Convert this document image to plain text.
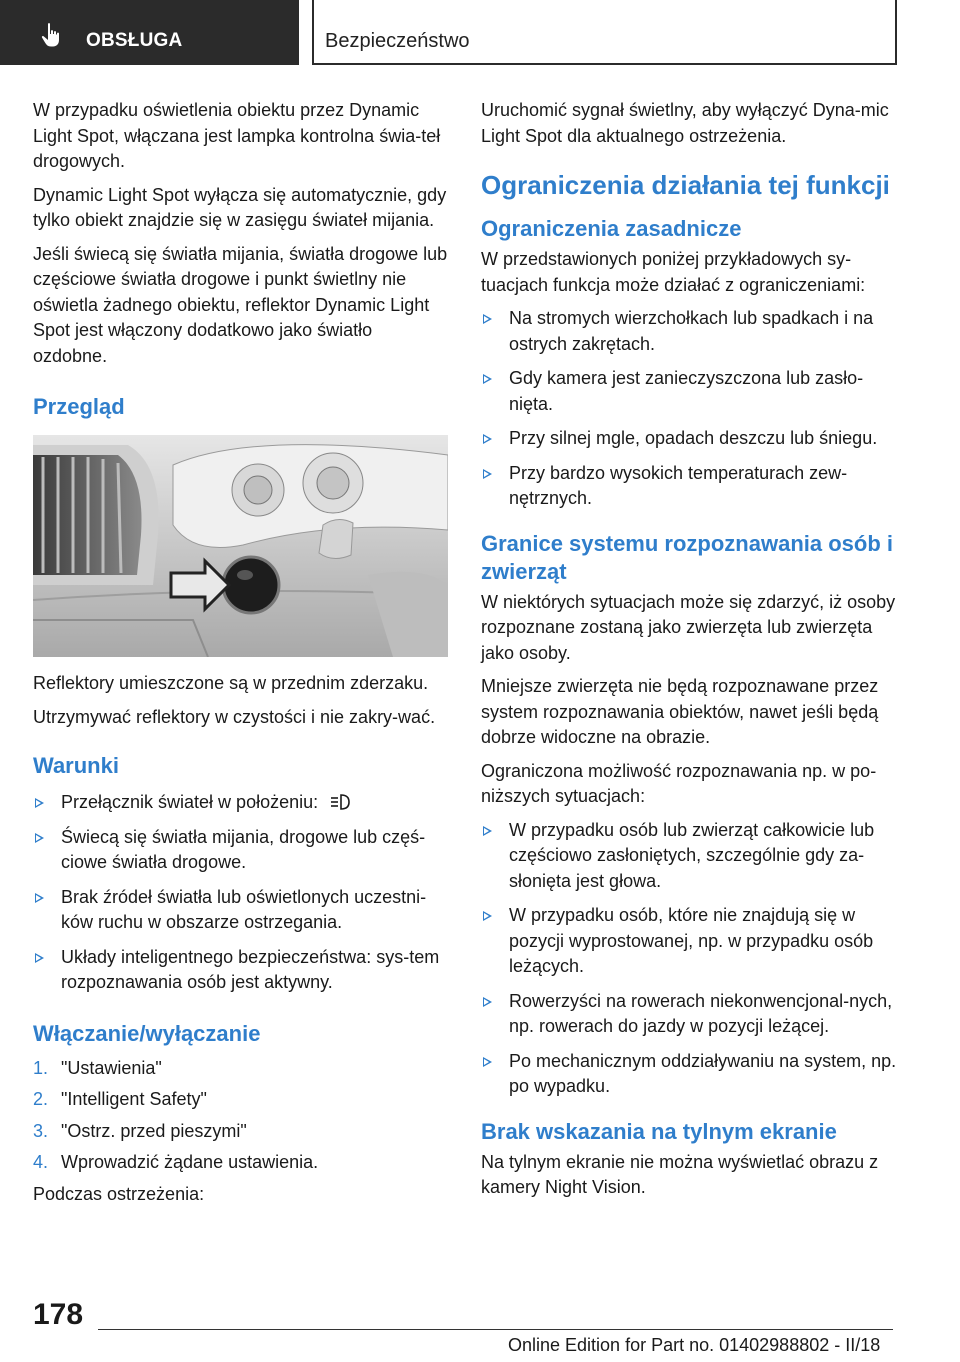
OBSŁUGA	Bezpieczeństwo

W przypadku oświetlenia obiektu przez Dynamic Light Spot, włączana jest lampka kontrolna świa-teł drogowych.

Dynamic Light Spot wyłącza się automatycznie, gdy tylko obiekt znajdzie się w zasięgu świateł mijania.

Jeśli świecą się światła mijania, światła drogowe lub częściowe światła drogowe i punkt świetlny nie oświetla żadnego obiektu, reflektor Dynamic Light Spot jest włączony dodatkowo jako światło ozdobne.

Przegląd

Reflektory umieszczone są w przednim zderzaku.

Utrzymywać reflektory w czystości i nie zakry-wać.

Warunki
Przełącznik świateł w położeniu:
Świecą się światła mijania, drogowe lub częś-ciowe światła drogowe.
Brak źródeł światła lub oświetlonych uczestni-ków ruchu w obszarze ostrzegania.
Układy inteligentnego bezpieczeństwa: sys-tem rozpoznawania osób jest aktywny.
Włączanie/wyłączanie
1. "Ustawienia"
2. "Intelligent Safety"
3. "Ostrz. przed pieszymi"
4. Wprowadzić żądane ustawienia.

Podczas ostrzeżenia:

Uruchomić sygnał świetlny, aby wyłączyć Dyna-mic Light Spot dla aktualnego ostrzeżenia.

Ograniczenia działania tej funkcji
Ograniczenia zasadnicze

W przedstawionych poniżej przykładowych sy-tuacjach funkcja może działać z ograniczeniami:

Na stromych wierzchołkach lub spadkach i na ostrych zakrętach.
Gdy kamera jest zanieczyszczona lub zasło-nięta.
Przy silnej mgle, opadach deszczu lub śniegu.
Przy bardzo wysokich temperaturach zew-nętrznych.
Granice systemu rozpoznawania osób i zwierząt

W niektórych sytuacjach może się zdarzyć, iż osoby rozpoznane zostaną jako zwierzęta lub zwierzęta jako osoby.

Mniejsze zwierzęta nie będą rozpoznawane przez system rozpoznawania obiektów, nawet jeśli będą dobrze widoczne na obrazie.

Ograniczona możliwość rozpoznawania np. w po-niższych sytuacjach:

W przypadku osób lub zwierząt całkowicie lub częściowo zasłoniętych, szczególnie gdy za-słonięta jest głowa.
W przypadku osób, które nie znajdują się w pozycji wyprostowanej, np. w przypadku osób leżących.
Rowerzyści na rowerach niekonwencjonal-nych, np. rowerach do jazdy w pozycji leżącej.
Po mechanicznym oddziaływaniu na system, np. po wypadku.
Brak wskazania na tylnym ekranie

Na tylnym ekranie nie można wyświetlać obrazu z kamery Night Vision.

178
Online Edition for Part no. 01402988802 - II/18
